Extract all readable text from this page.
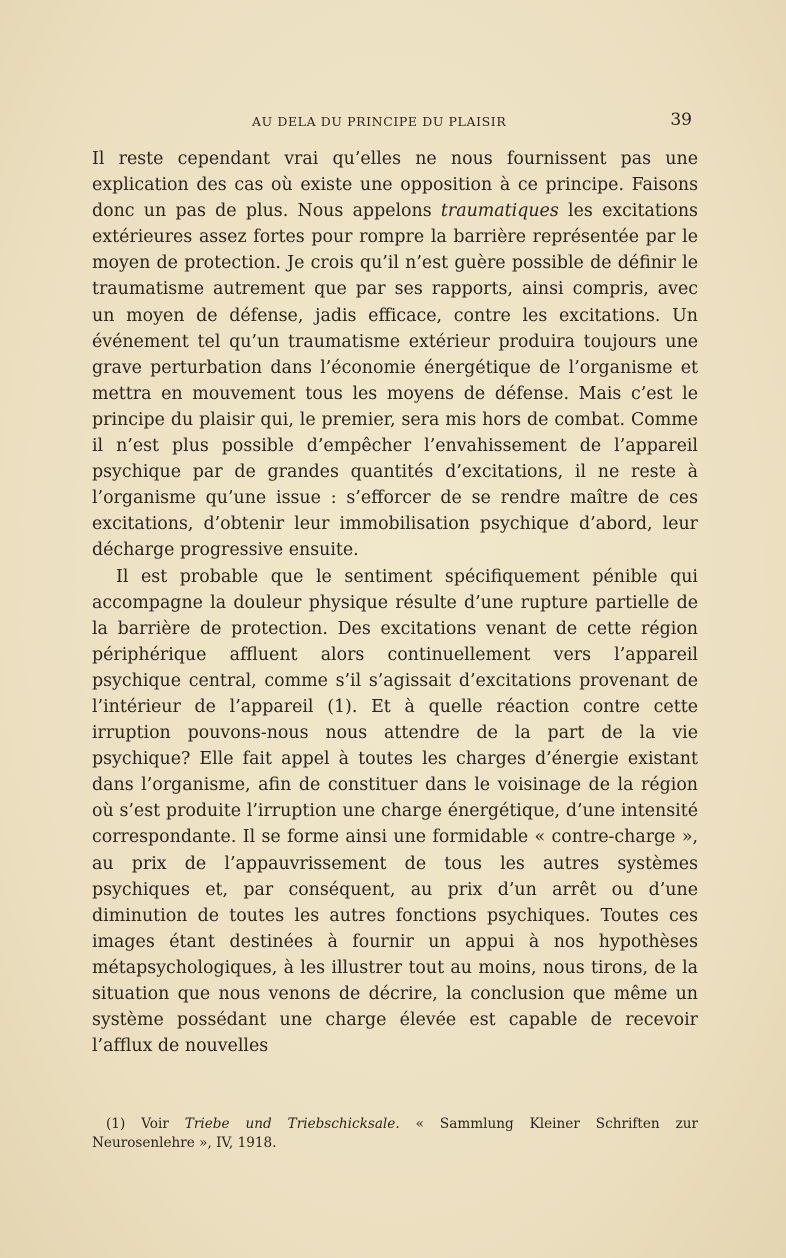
AU DELA DU PRINCIPE DU PLAISIR	39

Il reste cependant vrai qu’elles ne nous fournissent pas une explication des cas où existe une opposition à ce principe. Faisons donc un pas de plus. Nous appelons traumatiques les excitations extérieures assez fortes pour rompre la barrière représentée par le moyen de protection. Je crois qu’il n’est guère possible de définir le traumatisme autrement que par ses rapports, ainsi compris, avec un moyen de défense, jadis efficace, contre les excitations. Un événement tel qu’un traumatisme extérieur produira toujours une grave perturbation dans l’économie énergétique de l’organisme et mettra en mouvement tous les moyens de défense. Mais c’est le principe du plaisir qui, le premier, sera mis hors de combat. Comme il n’est plus possible d’empêcher l’envahissement de l’appareil psychique par de grandes quantités d’excitations, il ne reste à l’organisme qu’une issue : s’efforcer de se rendre maître de ces excitations, d’obtenir leur immobilisation psychique d’abord, leur décharge progressive ensuite.

Il est probable que le sentiment spécifiquement pénible qui accompagne la douleur physique résulte d’une rupture partielle de la barrière de protection. Des excitations venant de cette région périphérique affluent alors continuellement vers l’appareil psychique central, comme s’il s’agissait d’excitations provenant de l’intérieur de l’appareil (1). Et à quelle réaction contre cette irruption pouvons-nous nous attendre de la part de la vie psychique? Elle fait appel à toutes les charges d’énergie existant dans l’organisme, afin de constituer dans le voisinage de la région où s’est produite l’irruption une charge énergétique, d’une intensité correspondante. Il se forme ainsi une formidable « contre-charge », au prix de l’appauvrissement de tous les autres systèmes psychiques et, par conséquent, au prix d’un arrêt ou d’une diminution de toutes les autres fonctions psychiques. Toutes ces images étant destinées à fournir un appui à nos hypothèses métapsychologiques, à les illustrer tout au moins, nous tirons, de la situation que nous venons de décrire, la conclusion que même un système possédant une charge élevée est capable de recevoir l’afflux de nouvelles

(1) Voir Triebe und Triebschicksale. « Sammlung Kleiner Schriften zur Neurosenlehre », IV, 1918.
